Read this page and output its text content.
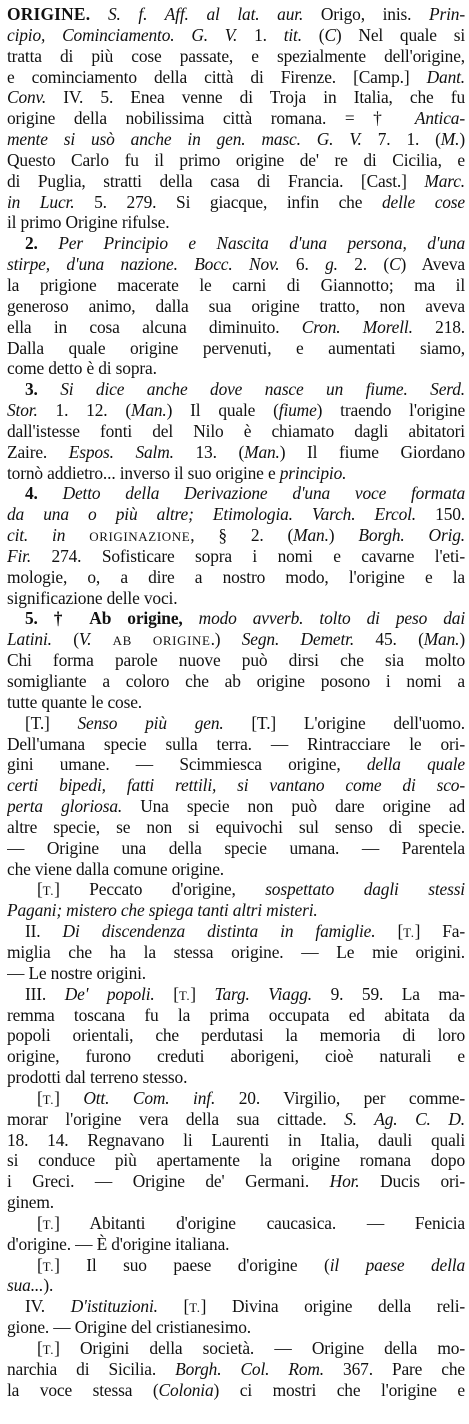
ORIGINE. S. f. Aff. al lat. aur. Origo, inis. Prin-
cipio, Cominciamento. G. V. 1. tit. (C) Nel quale si
tratta di più cose passate, e spezialmente dell'origine,
e cominciamento della città di Firenze. [Camp.] Dant.
Conv. IV. 5. Enea venne di Troja in Italia, che fu
origine della nobilissima città romana. = † Antica-
mente si usò anche in gen. masc. G. V. 7. 1. (M.)
Questo Carlo fu il primo origine de' re di Cicilia, e
di Puglia, stratti della casa di Francia. [Cast.] Marc.
in Lucr. 5. 279. Si giacque, infin che delle cose
il primo Origine rifulse.
2. Per Principio e Nascita d'una persona, d'una
stirpe, d'una nazione. Bocc. Nov. 6. g. 2. (C) Aveva
la prigione macerate le carni di Giannotto; ma il
generoso animo, dalla sua origine tratto, non aveva
ella in cosa alcuna diminuito. Cron. Morell. 218.
Dalla quale origine pervenuti, e aumentati siamo,
come detto è di sopra.
3. Si dice anche dove nasce un fiume. Serd.
Stor. 1. 12. (Man.) Il quale (fiume) traendo l'origine
dall'istesse fonti del Nilo è chiamato dagli abitatori
Zaire. Espos. Salm. 13. (Man.) Il fiume Giordano
tornò addietro... inverso il suo origine e principio.
4. Detto della Derivazione d'una voce formata
da una o più altre; Etimologia. Varch. Ercol. 150.
cit. in ORIGINAZIONE, § 2. (Man.) Borgh. Orig.
Fir. 274. Sofisticare sopra i nomi e cavarne l'eti-
mologie, o, a dire a nostro modo, l'origine e la
significazione delle voci.
5. † Ab origine, modo avverb. tolto di peso dai
Latini. (V. AB ORIGINE.) Segn. Demetr. 45. (Man.)
Chi forma parole nuove può dirsi che sia molto
somigliante a coloro che ab origine posono i nomi a
tutte quante le cose.
[T.] Senso più gen. [T.] L'origine dell'uomo.
Dell'umana specie sulla terra. — Rintracciare le ori-
gini umane. — Scimmiesca origine, della quale
certi bipedi, fatti rettili, si vantano come di sco-
perta gloriosa. Una specie non può dare origine ad
altre specie, se non si equivochi sul senso di specie.
— Origine una della specie umana. — Parentela
che viene dalla comune origine.
[T.] Peccato d'origine, sospettato dagli stessi
Pagani; mistero che spiega tanti altri misteri.
II. Di discendenza distinta in famiglie. [T.] Fa-
miglia che ha la stessa origine. — Le mie origini.
— Le nostre origini.
III. De' popoli. [T.] Targ. Viagg. 9. 59. La ma-
remma toscana fu la prima occupata ed abitata da
popoli orientali, che perdutasi la memoria di loro
origine, furono creduti aborigeni, cioè naturali e
prodotti dal terreno stesso.
[T.] Ott. Com. inf. 20. Virgilio, per comme-
morar l'origine vera della sua cittade. S. Ag. C. D.
18. 14. Regnavano li Laurenti in Italia, dauli quali
si conduce più apertamente la origine romana dopo
i Greci. — Origine de' Germani. Hor. Ducis ori-
ginem.
[T.] Abitanti d'origine caucasica. — Fenicia
d'origine. — È d'origine italiana.
[T.] Il suo paese d'origine (il paese della
sua...).
IV. D'istituzioni. [T.] Divina origine della reli-
gione. — Origine del cristianesimo.
[T.] Origini della società. — Origine della mo-
narchia di Sicilia. Borgh. Col. Rom. 367. Pare che
la voce stessa (Colonia) ci mostri che l'origine e
